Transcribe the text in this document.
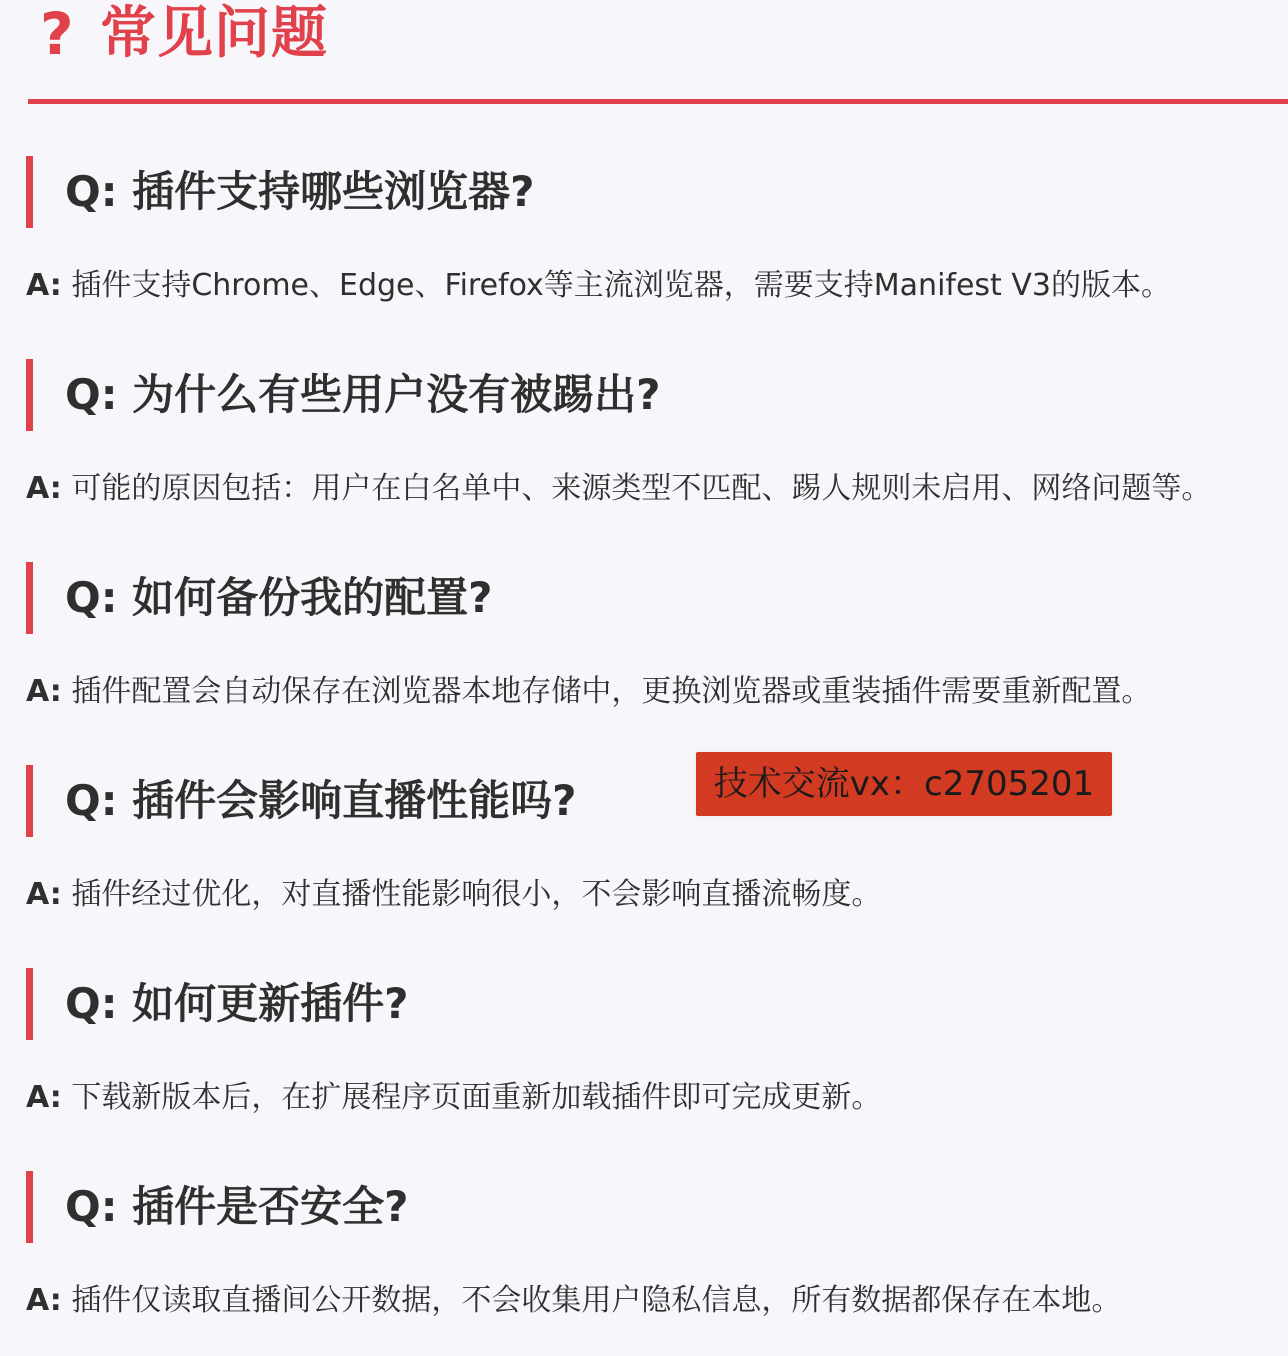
? 常见问题
Q: 插件支持哪些浏览器?
A: 插件支持Chrome、Edge、Firefox等主流浏览器，需要支持Manifest V3的版本。
Q: 为什么有些用户没有被踢出?
A: 可能的原因包括：用户在白名单中、来源类型不匹配、踢人规则未启用、网络问题等。
Q: 如何备份我的配置?
A: 插件配置会自动保存在浏览器本地存储中，更换浏览器或重装插件需要重新配置。
Q: 插件会影响直播性能吗?
A: 插件经过优化，对直播性能影响很小，不会影响直播流畅度。
Q: 如何更新插件?
A: 下载新版本后，在扩展程序页面重新加载插件即可完成更新。
Q: 插件是否安全?
A: 插件仅读取直播间公开数据，不会收集用户隐私信息，所有数据都保存在本地。
技术交流vx：c2705201
